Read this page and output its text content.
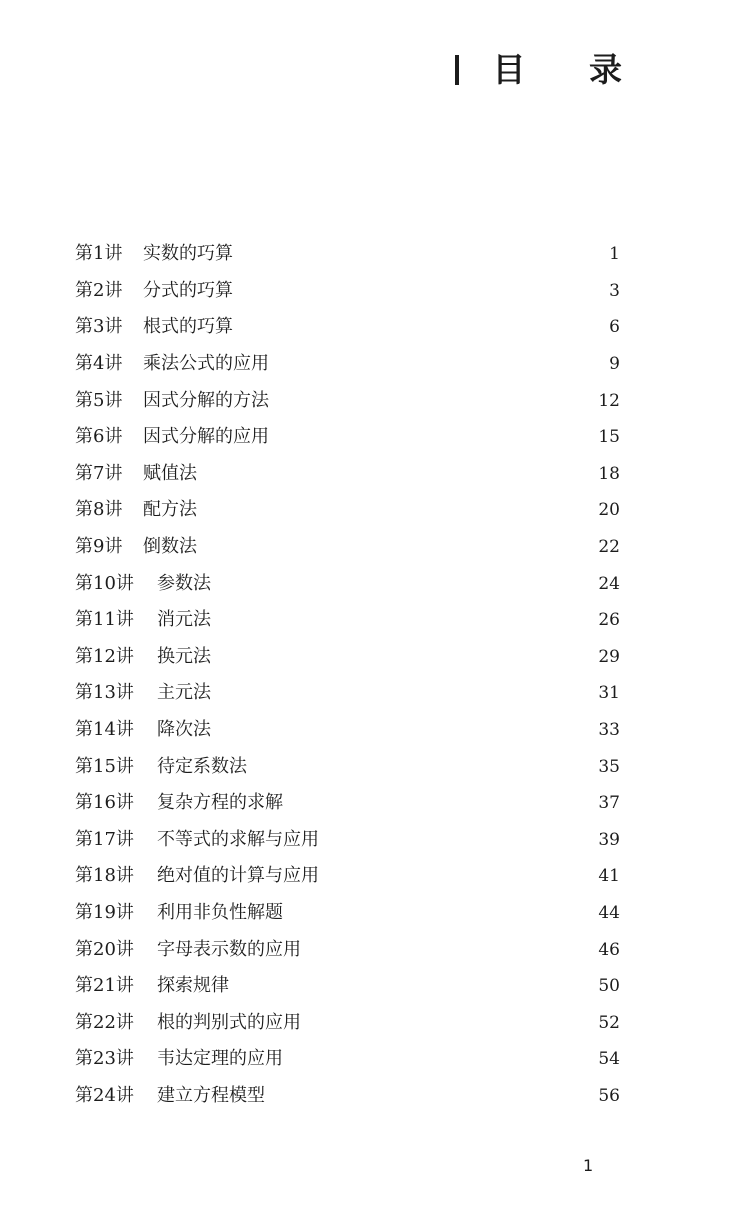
目 录
第1讲	实数的巧算	1
第2讲	分式的巧算	3
第3讲	根式的巧算	6
第4讲	乘法公式的应用	9
第5讲	因式分解的方法	12
第6讲	因式分解的应用	15
第7讲	赋值法	18
第8讲	配方法	20
第9讲	倒数法	22
第10讲	参数法	24
第11讲	消元法	26
第12讲	换元法	29
第13讲	主元法	31
第14讲	降次法	33
第15讲	待定系数法	35
第16讲	复杂方程的求解	37
第17讲	不等式的求解与应用	39
第18讲	绝对值的计算与应用	41
第19讲	利用非负性解题	44
第20讲	字母表示数的应用	46
第21讲	探索规律	50
第22讲	根的判别式的应用	52
第23讲	韦达定理的应用	54
第24讲	建立方程模型	56
1
